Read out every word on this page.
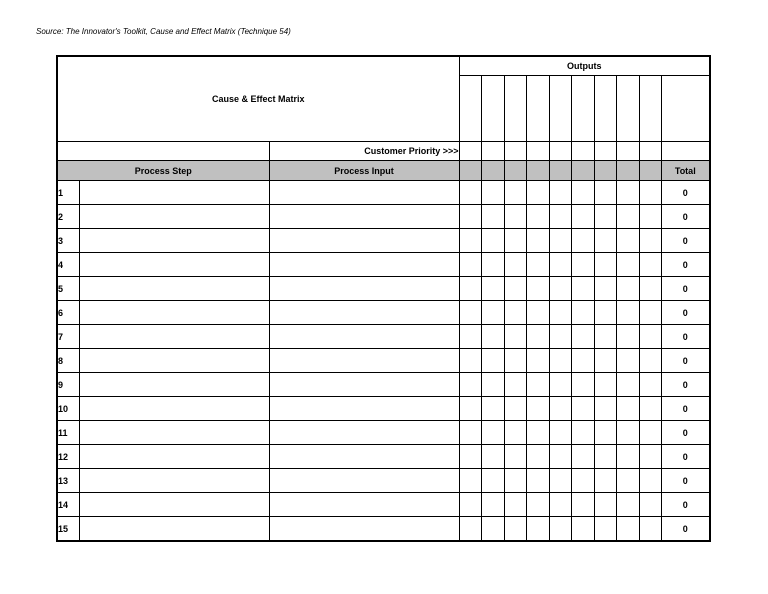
Source: The Innovator's Toolkit, Cause and Effect Matrix (Technique 54)
Cause & Effect Matrix			Outputs									

		Customer Priority >>>										
Process Step		Process Input										Total
1												0
2												0
3												0
4												0
5												0
6												0
7												0
8												0
9												0
10												0
11												0
12												0
13												0
14												0
15												0
